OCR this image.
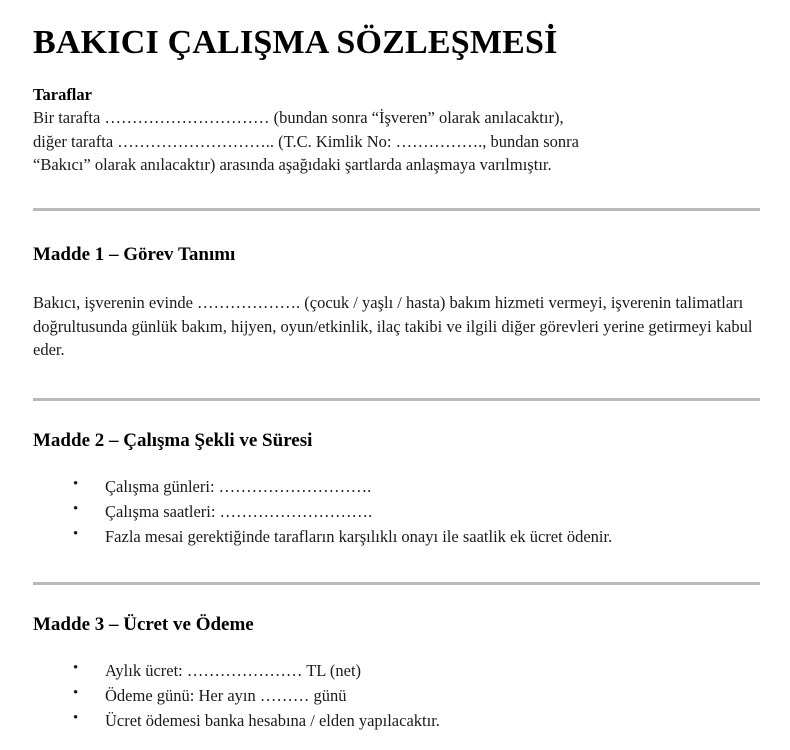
BAKICI ÇALIŞMA SÖZLEŞMESİ
Taraflar

Bir tarafta ………………………… (bundan sonra “İşveren” olarak anılacaktır),

diğer tarafta ……………………….. (T.C. Kimlik No: ……………., bundan sonra

“Bakıcı” olarak anılacaktır) arasında aşağıdaki şartlarda anlaşmaya varılmıştır.

Madde 1 – Görev Tanımı

Bakıcı, işverenin evinde ………………. (çocuk / yaşlı / hasta) bakım hizmeti vermeyi, işverenin talimatları doğrultusunda günlük bakım, hijyen, oyun/etkinlik, ilaç takibi ve ilgili diğer görevleri yerine getirmeyi kabul eder.

Madde 2 – Çalışma Şekli ve Süresi
• Çalışma günleri: ……………………….
• Çalışma saatleri: ……………………….
• Fazla mesai gerektiğinde tarafların karşılıklı onayı ile saatlik ek ücret ödenir.
Madde 3 – Ücret ve Ödeme
• Aylık ücret: ………………… TL (net)
• Ödeme günü: Her ayın ……… günü
• Ücret ödemesi banka hesabına / elden yapılacaktır.
